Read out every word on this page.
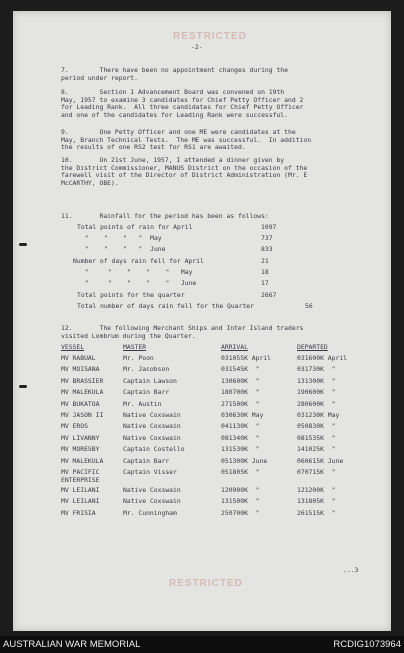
RESTRICTED
-2-
7.        There have been no appointment changes during the
period under report.
8.        Section 1 Advancement Board was convened on 19th
May, 1957 to examine 3 candidates for Chief Petty Officer and 2
for Leading Rank.  All three candidates for Chief Petty Officer
and one of the candidates for Leading Rank were successful.
9.        One Petty Officer and one ME were candidates at the
May, Branch Technical Tests.  The ME was successful.  In addition
the results of one RS2 test for RS1 are awaited.
10.       On 21st June, 1957, I attended a dinner given by
the District Commissioner, MANUS District on the occasion of the
farewell visit of the Director of District Administration (Mr. E
McCARTHY, OBE).
11.       Rainfall for the period has been as follows:
Total points of rain for April	1097
"    "    "   "  May	737
"    "    "   "  June	833
Number of days rain fell for April	21
"     "    "    "    "   May	18
"     "    "    "    "   June	17
Total points for the quarter	2667
Total number of days rain fell for the Quarter	56
12.       The following Merchant Ships and Inter Island traders
visited Lombrum during the Quarter.
VESSEL	MASTER	ARRIVAL	DEPARTED
MV RABUAL	Mr. Poon	031055K April	031600K April
MV MOISANA	Mr. Jacobson	031545K  "	031730K  "
MV BRASSIER	Captain Lawson	130600K  "	131300K  "
MV MALEKULA	Captain Barr	180700K  "	190600K  "
MV BUKATOA	Mr. Austin	271500K  "	280600K  "
MV JASON II	Native Coxswain	030630K May	031230K May
MV EROS	Native Coxswain	041130K  "	050830K  "
MV LIVANNY	Native Coxswain	081340K  "	081535K  "
MV MORESBY	Captain Costello	131530K  "	141025K  "
MV MALEKULA	Captain Barr	051300K June	060615K June
MV PACIFIC ENTERPRISE
Captain Visser	051805K  "	070715K  "
MV LEILANI	Native Coxswain	120900K  "	121200K  "
MV LEILANI	Native Coxswain	131500K  "	131805K  "
MV FRISIA	Mr. Cunningham	250700K  "	261515K  "
RESTRICTED
...3
AUSTRALIAN WAR MEMORIAL	RCDIG1073964
